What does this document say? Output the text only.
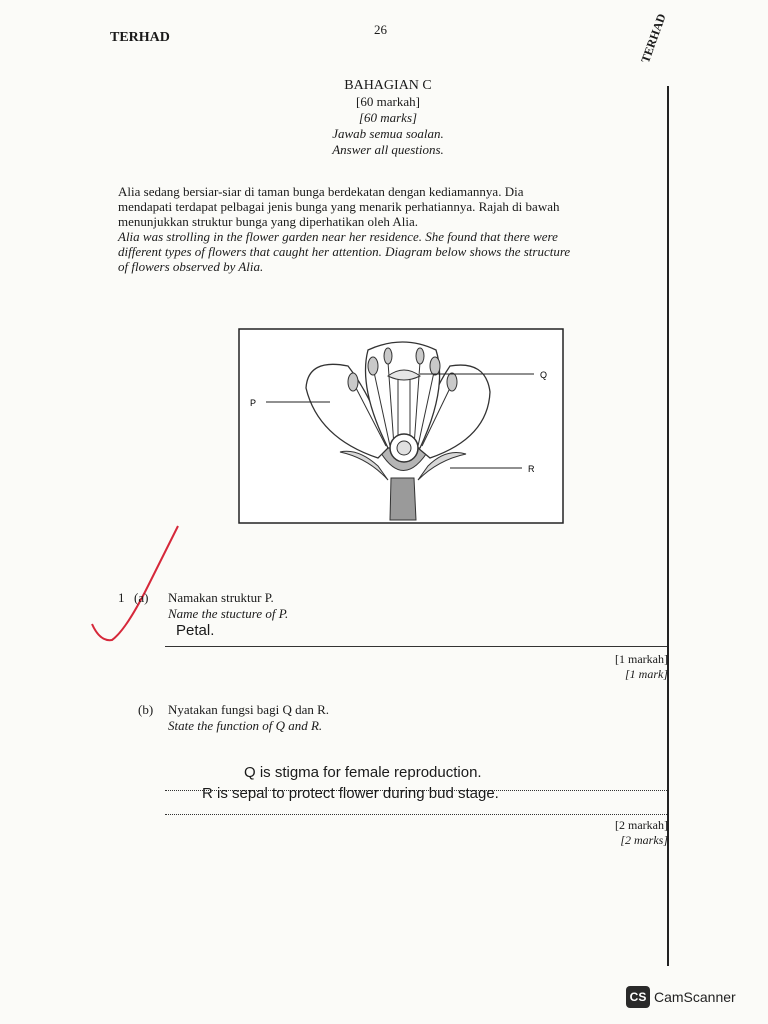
TERHAD
26	TERHAD
BAHAGIAN C
[60 markah]
[60 marks]
Jawab semua soalan.
Answer all questions.
Alia sedang bersiar-siar di taman bunga berdekatan dengan kediamannya. Dia
mendapati terdapat pelbagai jenis bunga yang menarik perhatiannya. Rajah di bawah
menunjukkan struktur bunga yang diperhatikan oleh Alia.
Alia was strolling in the flower garden near her residence. She found that there were
different types of flowers that caught her attention. Diagram below shows the structure
of flowers observed by Alia.
P
Q
R
1 (a) Namakan struktur P.
Name the stucture of P.
Petal.
[1 markah]
[1 mark]
(b) Nyatakan fungsi bagi Q dan R.
State the function of Q and R.
Q is stigma for female reproduction.
R is sepal to protect flower during bud stage.
[2 markah]
[2 marks]
CS CamScanner
